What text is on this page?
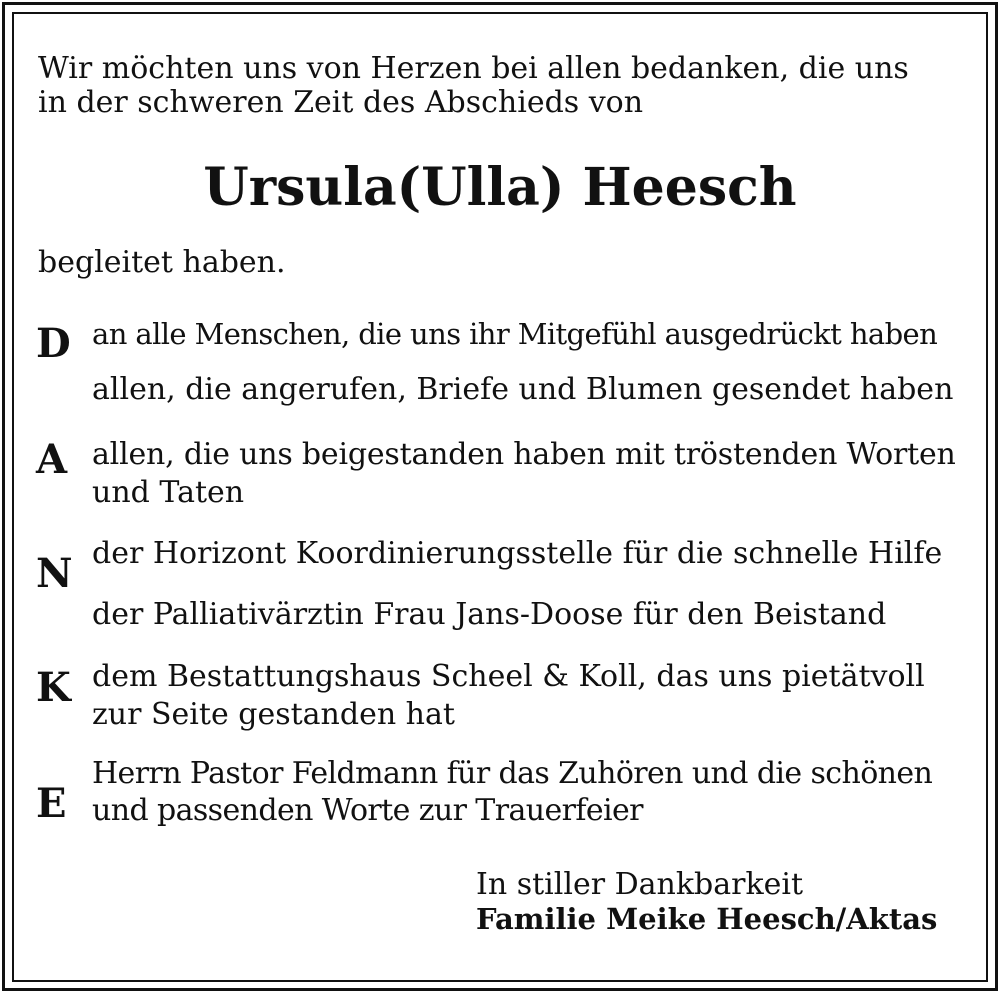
Wir möchten uns von Herzen bei allen bedanken, die uns
in der schweren Zeit des Abschieds von
Ursula(Ulla) Heesch
begleitet haben.
D an alle Menschen, die uns ihr Mitgefühl ausgedrückt haben
allen, die angerufen, Briefe und Blumen gesendet haben
A allen, die uns beigestanden haben mit tröstenden Worten
und Taten
N der Horizont Koordinierungsstelle für die schnelle Hilfe
der Palliativärztin Frau Jans-Doose für den Beistand
K dem Bestattungshaus Scheel & Koll, das uns pietätvoll
zur Seite gestanden hat
E
Herrn Pastor Feldmann für das Zuhören und die schönen
und passenden Worte zur Trauerfeier
In stiller Dankbarkeit
Familie Meike Heesch/Aktas
